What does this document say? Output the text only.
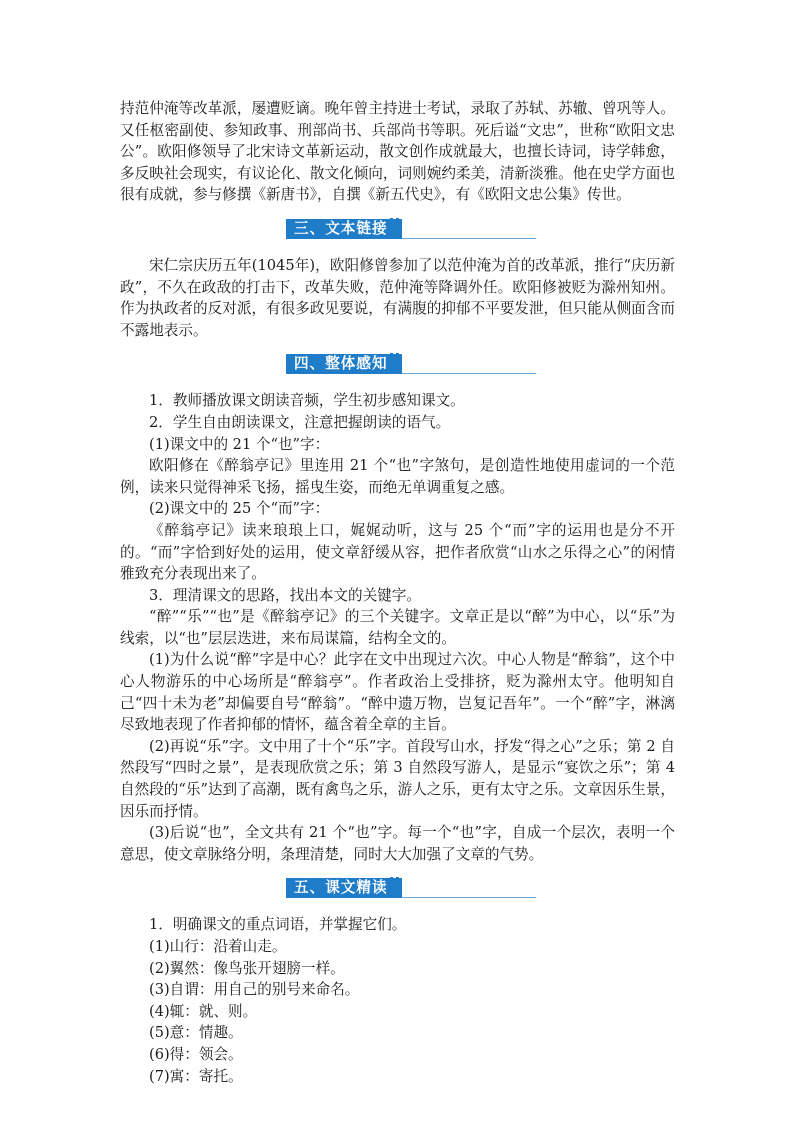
持范仲淹等改革派，屡遭贬谪。晚年曾主持进士考试，录取了苏轼、苏辙、曾巩等人。又任枢密副使、参知政事、刑部尚书、兵部尚书等职。死后谥“文忠”，世称“欧阳文忠公”。欧阳修领导了北宋诗文革新运动，散文创作成就最大，也擅长诗词，诗学韩愈，多反映社会现实，有议论化、散文化倾向，词则婉约柔美，清新淡雅。他在史学方面也很有成就，参与修撰《新唐书》，自撰《新五代史》，有《欧阳文忠公集》传世。

三、文本链接

宋仁宗庆历五年(1045年)，欧阳修曾参加了以范仲淹为首的改革派，推行“庆历新政”，不久在政敌的打击下，改革失败，范仲淹等降调外任。欧阳修被贬为滁州知州。作为执政者的反对派，有很多政见要说，有满腹的抑郁不平要发泄，但只能从侧面含而不露地表示。

四、整体感知

1．教师播放课文朗读音频，学生初步感知课文。

2．学生自由朗读课文，注意把握朗读的语气。

(1)课文中的 21 个“也”字：

欧阳修在《醉翁亭记》里连用 21 个“也”字煞句，是创造性地使用虚词的一个范例，读来只觉得神采飞扬，摇曳生姿，而绝无单调重复之感。

(2)课文中的 25 个“而”字：

《醉翁亭记》读来琅琅上口，娓娓动听，这与 25 个“而”字的运用也是分不开的。“而”字恰到好处的运用，使文章舒缓从容，把作者欣赏“山水之乐得之心”的闲情雅致充分表现出来了。

3．理清课文的思路，找出本文的关键字。

“醉”“乐”“也”是《醉翁亭记》的三个关键字。文章正是以“醉”为中心，以“乐”为线索，以“也”层层迭进，来布局谋篇，结构全文的。

(1)为什么说“醉”字是中心？此字在文中出现过六次。中心人物是“醉翁”，这个中心人物游乐的中心场所是“醉翁亭”。作者政治上受排挤，贬为滁州太守。他明知自己“四十未为老”却偏要自号“醉翁”。“醉中遗万物，岂复记吾年”。一个“醉”字，淋漓尽致地表现了作者抑郁的情怀，蕴含着全章的主旨。

(2)再说“乐”字。文中用了十个“乐”字。首段写山水，抒发“得之心”之乐；第 2 自然段写“四时之景”，是表现欣赏之乐；第 3 自然段写游人，是显示“宴饮之乐”；第 4 自然段的“乐”达到了高潮，既有禽鸟之乐，游人之乐，更有太守之乐。文章因乐生景，因乐而抒情。

(3)后说“也”，全文共有 21 个“也”字。每一个“也”字，自成一个层次，表明一个意思，使文章脉络分明，条理清楚，同时大大加强了文章的气势。

五、课文精读

1．明确课文的重点词语，并掌握它们。

(1)山行：沿着山走。

(2)翼然：像鸟张开翅膀一样。

(3)自谓：用自己的别号来命名。

(4)辄：就、则。

(5)意：情趣。

(6)得：领会。

(7)寓：寄托。
